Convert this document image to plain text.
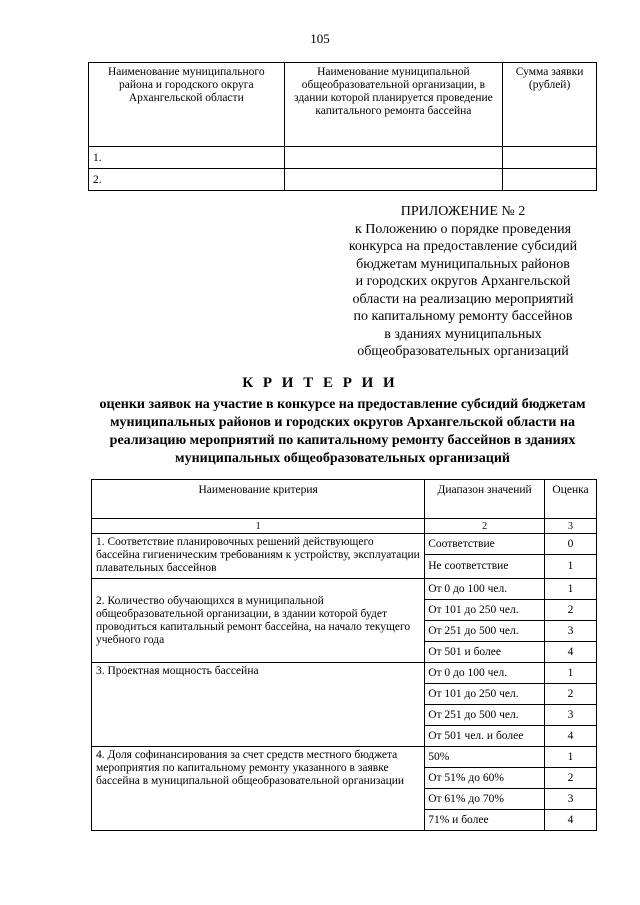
105
Наименование муниципального района и городского округа Архангельской области	Наименование муниципальной общеобразовательной организации, в здании которой планируется проведение капитального ремонта бассейна	Сумма заявки (рублей)
1.		
2.		
ПРИЛОЖЕНИЕ № 2
к Положению о порядке проведения
конкурса на предоставление субсидий
бюджетам муниципальных районов
и городских округов Архангельской
области на реализацию мероприятий
по капитальному ремонту бассейнов
в зданиях муниципальных
общеобразовательных организаций
К Р И Т Е Р И И
оценки заявок на участие в конкурсе на предоставление субсидий бюджетам муниципальных районов и городских округов Архангельской области на реализацию мероприятий по капитальному ремонту бассейнов в зданиях муниципальных общеобразовательных организаций
Наименование критерия	Диапазон значений	Оценка
1	2	3
1. Соответствие планировочных решений действующего бассейна гигиеническим требованиям к устройству, эксплуатации плавательных бассейнов	Соответствие	0
	Не соответствие	1
2. Количество обучающихся в муниципальной общеобразовательной организации, в здании которой будет проводиться капитальный ремонт бассейна, на начало текущего учебного года	От 0 до 100 чел.	1
	От 101 до 250 чел.	2
	От 251 до 500 чел.	3
	От 501 и более	4
3. Проектная мощность бассейна	От 0 до 100 чел.	1
	От 101 до 250 чел.	2
	От 251 до 500 чел.	3
	От 501 чел. и более	4
4. Доля софинансирования за счет средств местного бюджета мероприятия по капитальному ремонту указанного в заявке бассейна в муниципальной общеобразовательной организации	50%	1
	От 51% до 60%	2
	От 61% до 70%	3
	71% и более	4
